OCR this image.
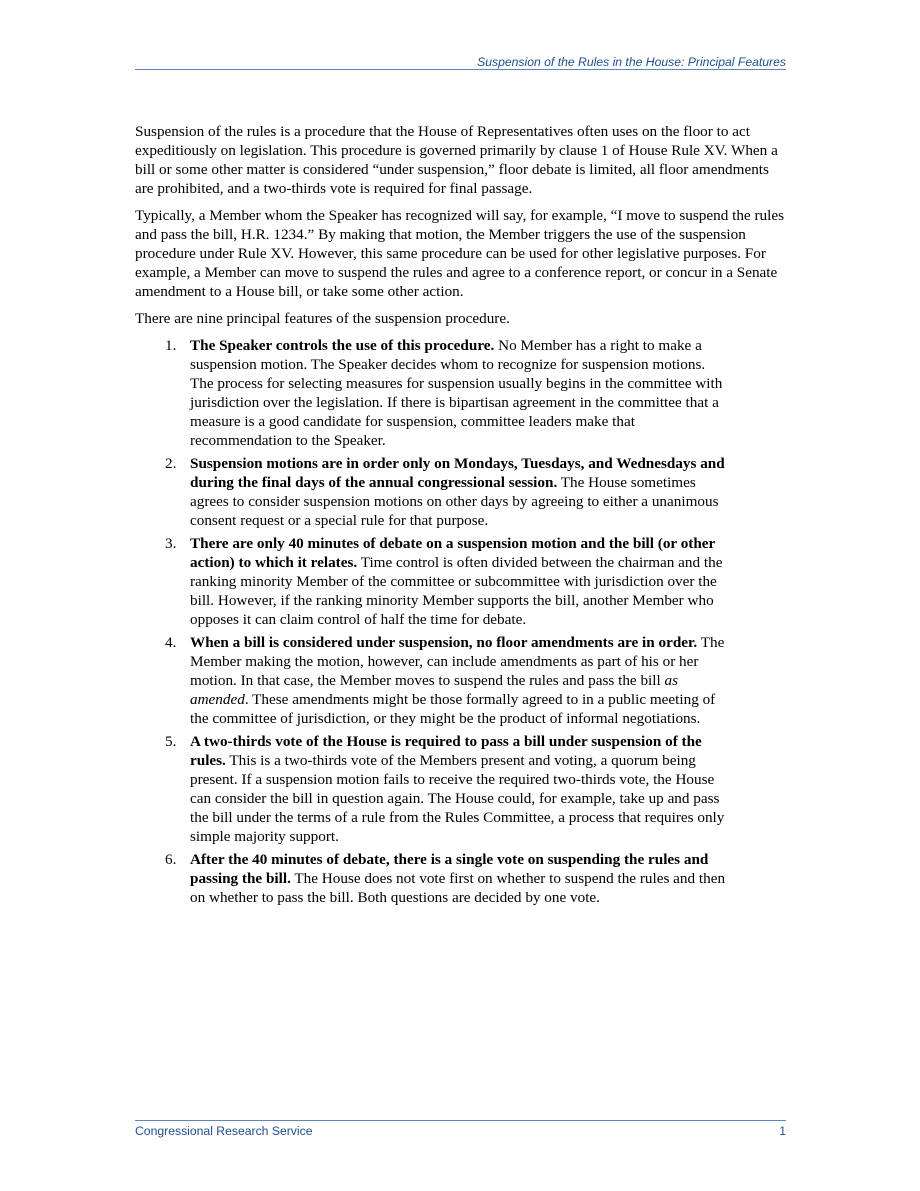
Suspension of the Rules in the House: Principal Features

Suspension of the rules is a procedure that the House of Representatives often uses on the floor to act expeditiously on legislation. This procedure is governed primarily by clause 1 of House Rule XV. When a bill or some other matter is considered “under suspension,” floor debate is limited, all floor amendments are prohibited, and a two-thirds vote is required for final passage.

Typically, a Member whom the Speaker has recognized will say, for example, “I move to suspend the rules and pass the bill, H.R. 1234.” By making that motion, the Member triggers the use of the suspension procedure under Rule XV. However, this same procedure can be used for other legislative purposes. For example, a Member can move to suspend the rules and agree to a conference report, or concur in a Senate amendment to a House bill, or take some other action.

There are nine principal features of the suspension procedure.

1. The Speaker controls the use of this procedure. No Member has a right to make a suspension motion. The Speaker decides whom to recognize for suspension motions. The process for selecting measures for suspension usually begins in the committee with jurisdiction over the legislation. If there is bipartisan agreement in the committee that a measure is a good candidate for suspension, committee leaders make that recommendation to the Speaker.
2. Suspension motions are in order only on Mondays, Tuesdays, and Wednesdays and during the final days of the annual congressional session. The House sometimes agrees to consider suspension motions on other days by agreeing to either a unanimous consent request or a special rule for that purpose.
3. There are only 40 minutes of debate on a suspension motion and the bill (or other action) to which it relates. Time control is often divided between the chairman and the ranking minority Member of the committee or subcommittee with jurisdiction over the bill. However, if the ranking minority Member supports the bill, another Member who opposes it can claim control of half the time for debate.
4. When a bill is considered under suspension, no floor amendments are in order. The Member making the motion, however, can include amendments as part of his or her motion. In that case, the Member moves to suspend the rules and pass the bill as amended. These amendments might be those formally agreed to in a public meeting of the committee of jurisdiction, or they might be the product of informal negotiations.
5. A two-thirds vote of the House is required to pass a bill under suspension of the rules. This is a two-thirds vote of the Members present and voting, a quorum being present. If a suspension motion fails to receive the required two-thirds vote, the House can consider the bill in question again. The House could, for example, take up and pass the bill under the terms of a rule from the Rules Committee, a process that requires only simple majority support.
6. After the 40 minutes of debate, there is a single vote on suspending the rules and passing the bill. The House does not vote first on whether to suspend the rules and then on whether to pass the bill. Both questions are decided by one vote.
Congressional Research Service	1
